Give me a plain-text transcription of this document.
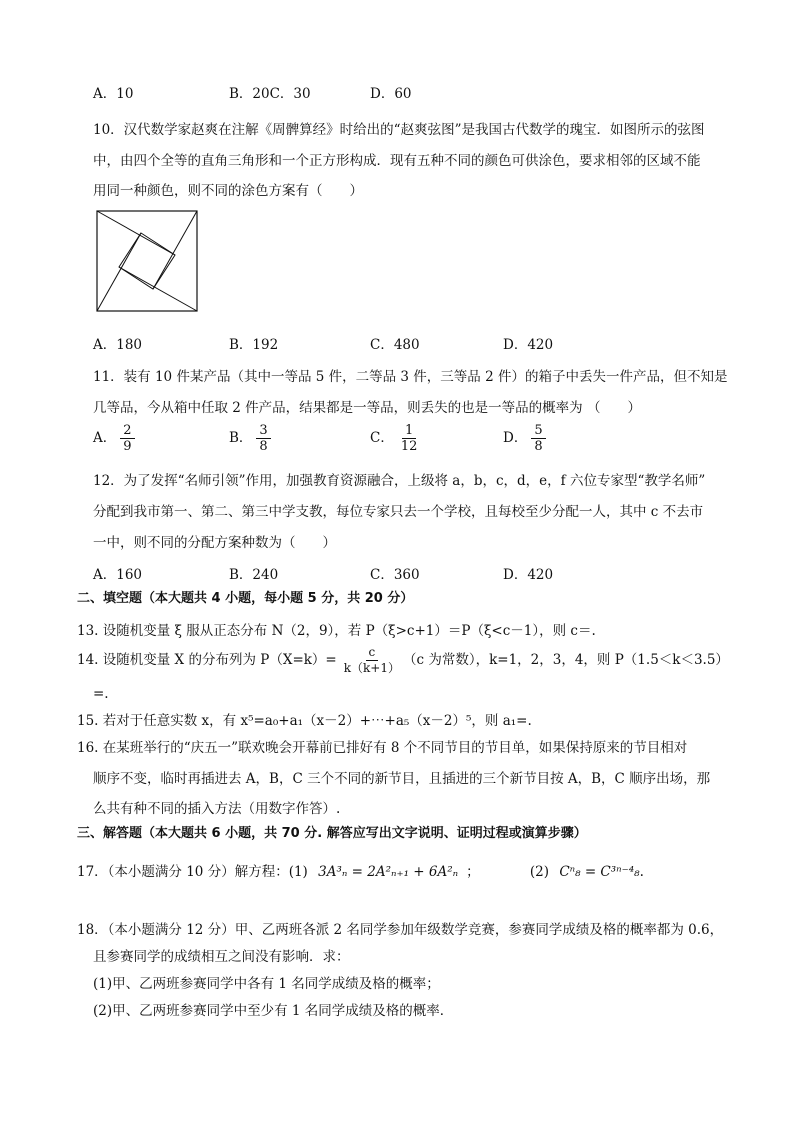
A．10	B．20C．30	D．60
10．汉代数学家赵爽在注解《周髀算经》时给出的“赵爽弦图”是我国古代数学的瑰宝．如图所示的弦图
中，由四个全等的直角三角形和一个正方形构成．现有五种不同的颜色可供涂色，要求相邻的区域不能
用同一种颜色，则不同的涂色方案有（　　）
A．180	B．192	C．480	D．420
11．装有 10 件某产品（其中一等品 5 件，二等品 3 件，三等品 2 件）的箱子中丢失一件产品，但不知是
几等品，今从箱中任取 2 件产品，结果都是一等品，则丢失的也是一等品的概率为 （　　）
A． $\frac{2}{9}$	B． $\frac{3}{8}$	C． $\frac{1}{12}$	D． $\frac{5}{8}$
12．为了发挥“名师引领”作用，加强教育资源融合，上级将 a，b，c，d，e，f 六位专家型“教学名师”
分配到我市第一、第二、第三中学支教，每位专家只去一个学校，且每校至少分配一人，其中 c 不去市
一中，则不同的分配方案种数为（　　）
A．160	B．240	C．360	D．420
二、填空题（本大题共 4 小题，每小题 5 分，共 20 分）
13. 设随机变量 ξ 服从正态分布 N（2，9），若 P（ξ>c+1）＝P（ξ<c－1），则 c＝.
14. 设随机变量 X 的分布列为 $P(X=k)= \frac{c}{k(k+1)} (c$ 为常数），k=1，2，3，4，则 P（1.5＜k＜3.5）
=.
15. 若对于任意实数 x，有 x⁵=a₀+a₁（x－2）+⋯+a₅（x－2）⁵，则 a₁=.
16. 在某班举行的“庆五一”联欢晚会开幕前已排好有 8 个不同节目的节目单，如果保持原来的节目相对
顺序不变，临时再插进去 A，B，C 三个不同的新节目，且插进的三个新节目按 A，B，C 顺序出场，那
么共有种不同的插入方法（用数字作答）.
三、解答题（本大题共 6 小题，共 70 分. 解答应写出文字说明、证明过程或演算步骤）
17．（本小题满分 10 分）解方程：(1) 3A³ₙ = 2A²ₙ₊₁ + 6A²ₙ ；	(2) Cⁿ₈ = C³ⁿ⁻⁴₈.
18．（本小题满分 12 分）甲、乙两班各派 2 名同学参加年级数学竞赛，参赛同学成绩及格的概率都为 0.6，
且参赛同学的成绩相互之间没有影响．求：
(1)甲、乙两班参赛同学中各有 1 名同学成绩及格的概率；
(2)甲、乙两班参赛同学中至少有 1 名同学成绩及格的概率．
